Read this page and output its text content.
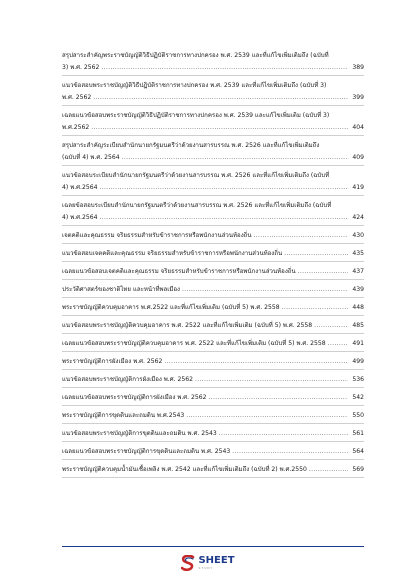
สรุปสาระสำคัญพระราชบัญญัติวิธีปฏิบัติราชการทางปกครอง พ.ศ. 2539 และที่แก้ไขเพิ่มเติมถึง (ฉบับที่
3) พ.ศ. 2562 .....	389
แนวข้อสอบพระราชบัญญัติวิธีปฏิบัติราชการทางปกครอง พ.ศ. 2539 และที่แก้ไขเพิ่มเติมถึง (ฉบับที่ 3)
พ.ศ. 2562 .....	399
เฉลยแนวข้อสอบพระราชบัญญัติวิธีปฏิบัติราชการทางปกครอง พ.ศ. 2539 และแก้ไขเพิ่มเติม (ฉบับที่ 3)
พ.ศ.2562 .....	404
สรุปสาระสำคัญระเบียบสำนักนายกรัฐมนตรีว่าด้วยงานสารบรรณ พ.ศ. 2526 และที่แก้ไขเพิ่มเติมถึง
(ฉบับที่ 4) พ.ศ. 2564 .....	409
แนวข้อสอบระเบียบสำนักนายกรัฐมนตรีว่าด้วยงานสารบรรณ พ.ศ. 2526 และที่แก้ไขเพิ่มเติมถึง (ฉบับที่
4) พ.ศ.2564 .....	419
เฉลยข้อสอบระเบียบสำนักนายกรัฐมนตรีว่าด้วยงานสารบรรณ พ.ศ. 2526 และที่แก้ไขเพิ่มเติมถึง (ฉบับที่
4) พ.ศ.2564 .....	424
เจตคติและคุณธรรม จริยธรรมสำหรับข้าราชการหรือพนักงานส่วนท้องถิ่น .....	430
แนวข้อสอบเจตคติและคุณธรรม จริยธรรมสำหรับข้าราชการหรือพนักงานส่วนท้องถิ่น .....	435
เฉลยแนวข้อสอบเจตคติและคุณธรรม จริยธรรมสำหรับข้าราชการหรือพนักงานส่วนท้องถิ่น .....	437
ประวัติศาสตร์ของชาติไทย และหน้าที่พลเมือง .....	439
พระราชบัญญัติควบคุมอาคาร พ.ศ.2522 และที่แก้ไขเพิ่มเติม (ฉบับที่ 5) พ.ศ. 2558 .....	448
แนวข้อสอบพระราชบัญญัติควบคุมอาคาร พ.ศ. 2522 และที่แก้ไขเพิ่มเติม (ฉบับที่ 5) พ.ศ. 2558 .....	485
เฉลยแนวข้อสอบพระราชบัญญัติควบคุมอาคาร พ.ศ. 2522 และที่แก้ไขเพิ่มเติม (ฉบับที่ 5) พ.ศ. 2558 .....	491
พระราชบัญญัติการผังเมือง พ.ศ. 2562 .....	499
แนวข้อสอบพระราชบัญญัติการผังเมือง พ.ศ. 2562 .....	536
เฉลยแนวข้อสอบพระราชบัญญัติการผังเมือง พ.ศ. 2562 .....	542
พระราชบัญญัติการขุดดินและถมดิน พ.ศ.2543 .....	550
แนวข้อสอบพระราชบัญญัติการขุดดินและถมดิน พ.ศ. 2543 .....	561
เฉลยแนวข้อสอบพระราชบัญญัติการขุดดินและถมดิน พ.ศ. 2543 .....	564
พระราชบัญญัติควบคุมน้ำมันเชื้อเพลิง พ.ศ. 2542 และที่แก้ไขเพิ่มเติมถึง (ฉบับที่ 2) พ.ศ.2550 .....	569
SHEET
STUDY
